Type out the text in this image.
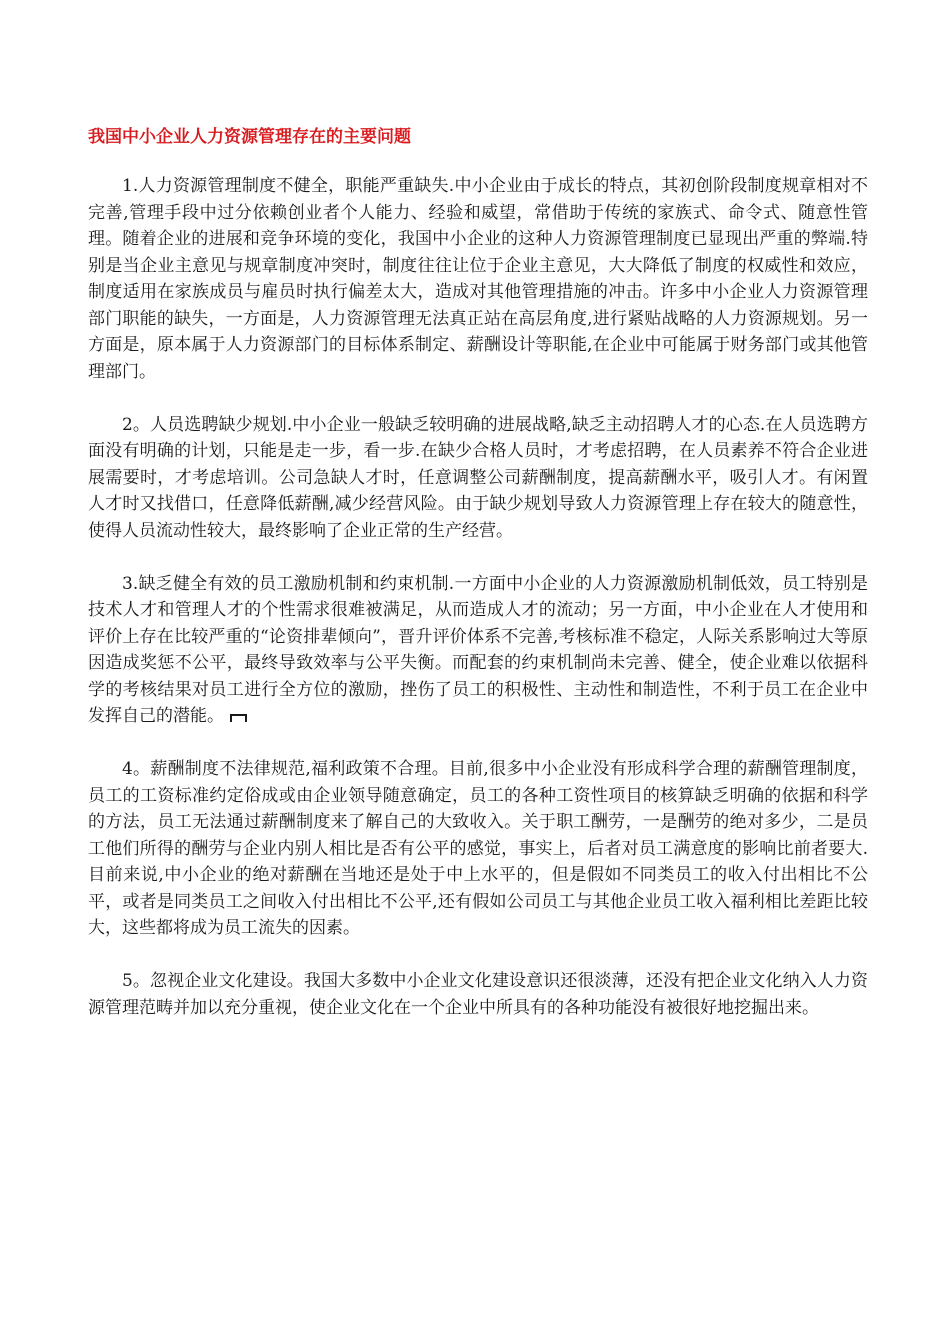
我国中小企业人力资源管理存在的主要问题

1.人力资源管理制度不健全，职能严重缺失.中小企业由于成长的特点，其初创阶段制度规章相对不完善,管理手段中过分依赖创业者个人能力、经验和威望，常借助于传统的家族式、命令式、随意性管理。随着企业的进展和竞争环境的变化，我国中小企业的这种人力资源管理制度已显现出严重的弊端.特别是当企业主意见与规章制度冲突时，制度往往让位于企业主意见，大大降低了制度的权威性和效应，制度适用在家族成员与雇员时执行偏差太大，造成对其他管理措施的冲击。许多中小企业人力资源管理部门职能的缺失，一方面是，人力资源管理无法真正站在高层角度,进行紧贴战略的人力资源规划。另一方面是，原本属于人力资源部门的目标体系制定、薪酬设计等职能,在企业中可能属于财务部门或其他管理部门。

2。人员选聘缺少规划.中小企业一般缺乏较明确的进展战略,缺乏主动招聘人才的心态.在人员选聘方面没有明确的计划，只能是走一步，看一步.在缺少合格人员时，才考虑招聘，在人员素养不符合企业进展需要时，才考虑培训。公司急缺人才时，任意调整公司薪酬制度，提高薪酬水平，吸引人才。有闲置人才时又找借口，任意降低薪酬,减少经营风险。由于缺少规划导致人力资源管理上存在较大的随意性，使得人员流动性较大，最终影响了企业正常的生产经营。

3.缺乏健全有效的员工激励机制和约束机制.一方面中小企业的人力资源激励机制低效，员工特别是技术人才和管理人才的个性需求很难被满足，从而造成人才的流动；另一方面，中小企业在人才使用和评价上存在比较严重的“论资排辈倾向”，晋升评价体系不完善,考核标准不稳定，人际关系影响过大等原因造成奖惩不公平，最终导致效率与公平失衡。而配套的约束机制尚未完善、健全，使企业难以依据科学的考核结果对员工进行全方位的激励，挫伤了员工的积极性、主动性和制造性，不利于员工在企业中发挥自己的潜能。

4。薪酬制度不法律规范,福利政策不合理。目前,很多中小企业没有形成科学合理的薪酬管理制度，员工的工资标准约定俗成或由企业领导随意确定，员工的各种工资性项目的核算缺乏明确的依据和科学的方法，员工无法通过薪酬制度来了解自己的大致收入。关于职工酬劳，一是酬劳的绝对多少，二是员工他们所得的酬劳与企业内别人相比是否有公平的感觉，事实上，后者对员工满意度的影响比前者要大.目前来说,中小企业的绝对薪酬在当地还是处于中上水平的，但是假如不同类员工的收入付出相比不公平，或者是同类员工之间收入付出相比不公平,还有假如公司员工与其他企业员工收入福利相比差距比较大，这些都将成为员工流失的因素。

5。忽视企业文化建设。我国大多数中小企业文化建设意识还很淡薄，还没有把企业文化纳入人力资源管理范畴并加以充分重视，使企业文化在一个企业中所具有的各种功能没有被很好地挖掘出来。
